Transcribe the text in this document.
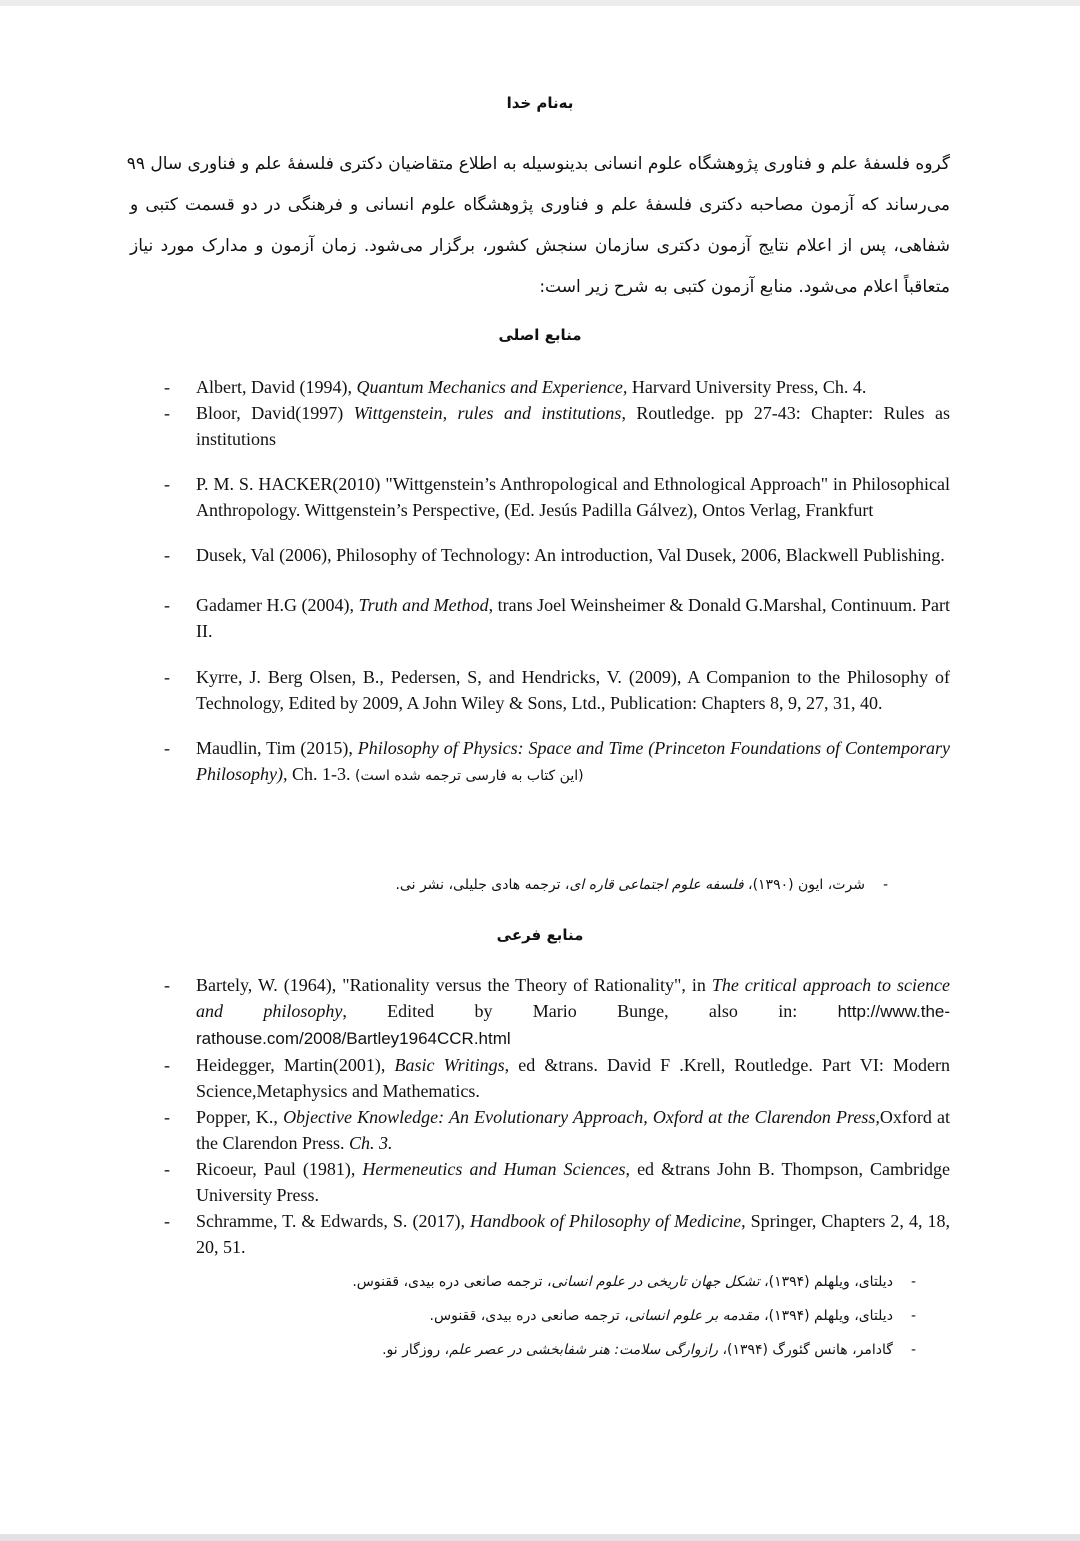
به‌نام خدا
گروه فلسفهٔ علم و فناوری پژوهشگاه علوم انسانی بدینوسیله به اطلاع متقاضیان دکتری فلسفهٔ علم و فناوری سال ۹۹
می‌رساند که آزمون مصاحبه دکتری فلسفهٔ علم و فناوری پژوهشگاه علوم انسانی و فرهنگی در دو قسمت کتبی و
شفاهی، پس از اعلام نتایج آزمون دکتری سازمان سنجش کشور، برگزار می‌شود. زمان آزمون و مدارک مورد نیاز
متعاقباً اعلام می‌شود. منابع آزمون کتبی به شرح زیر است:
منابع اصلی
- Albert, David (1994), Quantum Mechanics and Experience, Harvard University Press, Ch. 4.
- Bloor, David(1997) Wittgenstein, rules and institutions, Routledge. pp 27-43: Chapter: Rules as institutions
- P. M. S. HACKER(2010) "Wittgenstein’s Anthropological and Ethnological Approach" in Philosophical Anthropology. Wittgenstein’s Perspective, (Ed. Jesús Padilla Gálvez), Ontos Verlag, Frankfurt
- Dusek, Val (2006), Philosophy of Technology: An introduction, Val Dusek, 2006, Blackwell Publishing.
- Gadamer H.G (2004), Truth and Method, trans Joel Weinsheimer & Donald G.Marshal, Continuum. Part II.
- Kyrre, J. Berg Olsen, B., Pedersen, S, and Hendricks, V. (2009), A Companion to the Philosophy of Technology, Edited by 2009, A John Wiley & Sons, Ltd., Publication: Chapters 8, 9, 27, 31, 40.
- Maudlin, Tim (2015), Philosophy of Physics: Space and Time (Princeton Foundations of Contemporary Philosophy), Ch. 1-3. (این کتاب به فارسی ترجمه شده است)
-شرت، ایون (۱۳۹۰)، فلسفه علوم اجتماعی قاره ای، ترجمه هادی جلیلی، نشر نی.
منابع فرعی
- Bartely, W. (1964), "Rationality versus the Theory of Rationality", in The critical approach to science and philosophy, Edited by Mario Bunge, also in: http://www.the-rathouse.com/2008/Bartley1964CCR.html
- Heidegger, Martin(2001), Basic Writings, ed &trans. David F .Krell, Routledge. Part VI: Modern Science,Metaphysics and Mathematics.
- Popper, K., Objective Knowledge: An Evolutionary Approach, Oxford at the Clarendon Press,Oxford at the Clarendon Press. Ch. 3.
- Ricoeur, Paul (1981), Hermeneutics and Human Sciences, ed &trans John B. Thompson, Cambridge University Press.
- Schramme, T. & Edwards, S. (2017), Handbook of Philosophy of Medicine, Springer, Chapters 2, 4, 18, 20, 51.
-دیلتای، ویلهلم (۱۳۹۴)، تشکل جهان تاریخی در علوم انسانی، ترجمه صانعی دره بیدی، ققنوس.
-دیلتای، ویلهلم (۱۳۹۴)، مقدمه بر علوم انسانی، ترجمه صانعی دره بیدی، ققنوس.
-گادامر، هانس گئورگ (۱۳۹۴)، رازوارگی سلامت: هنر شفابخشی در عصر علم، روزگار نو.
